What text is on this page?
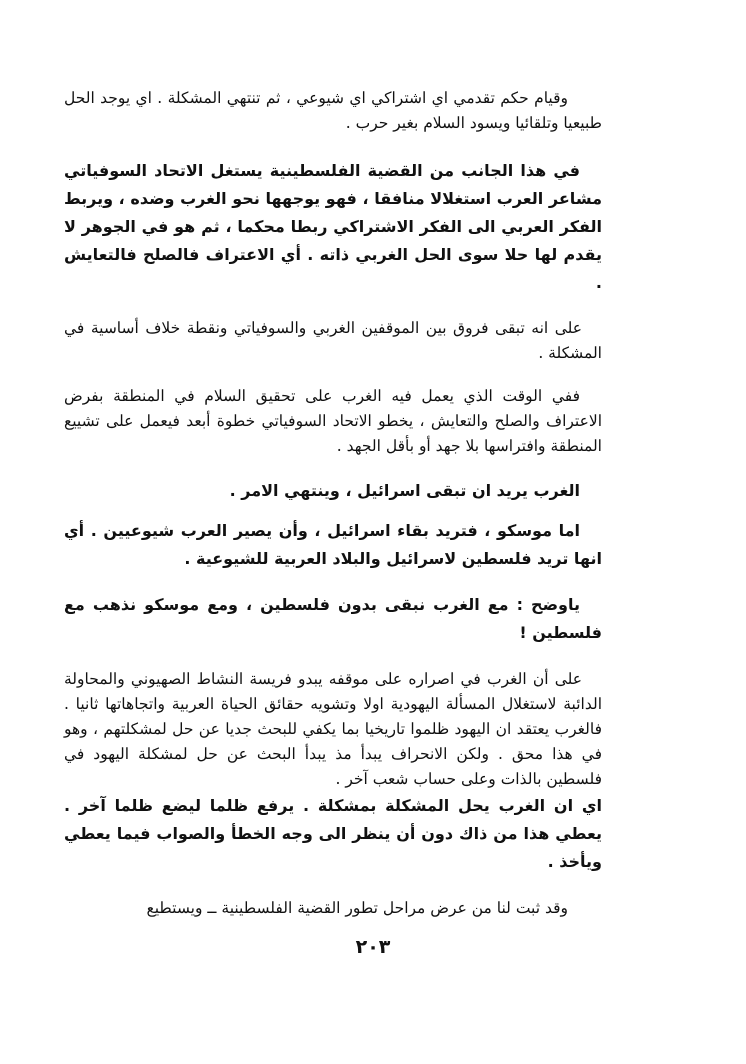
وقيام حكم تقدمي اي اشتراكي اي شيوعي ، ثم تنتهي المشكلة . اي يوجد الحل طبيعيا وتلقائيا ويسود السلام بغير حرب .

في هذا الجانب من القضية الفلسطينية يستغل الاتحاد السوفياتي مشاعر العرب استغلالا منافقا ، فهو يوجهها نحو الغرب وضده ، ويربط الفكر العربي الى الفكر الاشتراكي ربطا محكما ، ثم هو في الجوهر لا يقدم لها حلا سوى الحل الغربي ذاته . أي الاعتراف فالصلح فالتعايش .

على انه تبقى فروق بين الموقفين الغربي والسوفياتي ونقطة خلاف أساسية في المشكلة .

ففي الوقت الذي يعمل فيه الغرب على تحقيق السلام في المنطقة بفرض الاعتراف والصلح والتعايش ، يخطو الاتحاد السوفياتي خطوة أبعد فيعمل على تشييع المنطقة وافتراسها بلا جهد أو بأقل الجهد .

الغرب يريد ان تبقى اسرائيل ، وينتهي الامر .

اما موسكو ، فتريد بقاء اسرائيل ، وأن يصير العرب شيوعيين . أي انها تريد فلسطين لاسرائيل والبلاد العربية للشيوعية .

ياوضح : مع الغرب نبقى بدون فلسطين ، ومع موسكو نذهب مع فلسطين !

على أن الغرب في اصراره على موقفه يبدو فريسة النشاط الصهيوني والمحاولة الدائبة لاستغلال المسألة اليهودية اولا وتشويه حقائق الحياة العربية واتجاهاتها ثانيا . فالغرب يعتقد ان اليهود ظلموا تاريخيا بما يكفي للبحث جديا عن حل لمشكلتهم ، وهو في هذا محق . ولكن الانحراف يبدأ مذ يبدأ البحث عن حل لمشكلة اليهود في فلسطين بالذات وعلى حساب شعب آخر .

اي ان الغرب يحل المشكلة بمشكلة . يرفع ظلما ليضع ظلما آخر . يعطي هذا من ذاك دون أن ينظر الى وجه الخطأ والصواب فيما يعطي ويأخذ .

وقد ثبت لنا من عرض مراحل تطور القضية الفلسطينية ــ ويستطيع

٢٠٣
